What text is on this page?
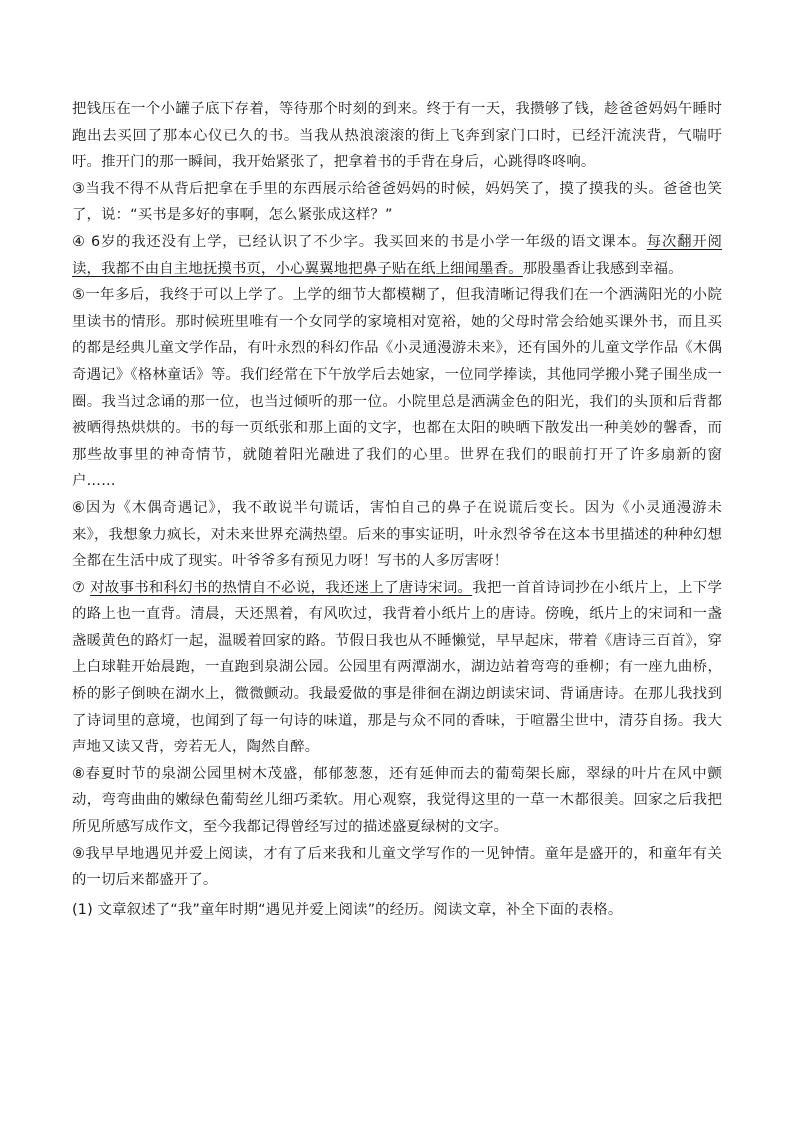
把钱压在一个小罐子底下存着，等待那个时刻的到来。终于有一天，我攒够了钱，趁爸爸妈妈午睡时跑出去买回了那本心仪已久的书。当我从热浪滚滚的街上飞奔到家门口时，已经汗流浃背，气喘吁吁。推开门的那一瞬间，我开始紧张了，把拿着书的手背在身后，心跳得咚咚响。

③当我不得不从背后把拿在手里的东西展示给爸爸妈妈的时候，妈妈笑了，摸了摸我的头。爸爸也笑了，说：“买书是多好的事啊，怎么紧张成这样？”

④ 6岁的我还没有上学，已经认识了不少字。我买回来的书是小学一年级的语文课本。每次翻开阅读，我都不由自主地抚摸书页，小心翼翼地把鼻子贴在纸上细闻墨香。那股墨香让我感到幸福。

⑤一年多后，我终于可以上学了。上学的细节大都模糊了，但我清晰记得我们在一个洒满阳光的小院里读书的情形。那时候班里唯有一个女同学的家境相对宽裕，她的父母时常会给她买课外书，而且买的都是经典儿童文学作品，有叶永烈的科幻作品《小灵通漫游未来》，还有国外的儿童文学作品《木偶奇遇记》《格林童话》等。我们经常在下午放学后去她家，一位同学捧读，其他同学搬小凳子围坐成一圈。我当过念诵的那一位，也当过倾听的那一位。小院里总是洒满金色的阳光，我们的头顶和后背都被晒得热烘烘的。书的每一页纸张和那上面的文字，也都在太阳的映晒下散发出一种美妙的馨香，而那些故事里的神奇情节，就随着阳光融进了我们的心里。世界在我们的眼前打开了许多扇新的窗户……

⑥因为《木偶奇遇记》，我不敢说半句谎话，害怕自己的鼻子在说谎后变长。因为《小灵通漫游未来》，我想象力疯长，对未来世界充满热望。后来的事实证明，叶永烈爷爷在这本书里描述的种种幻想全都在生活中成了现实。叶爷爷多有预见力呀！写书的人多厉害呀！

⑦ 对故事书和科幻书的热情自不必说，我还迷上了唐诗宋词。我把一首首诗词抄在小纸片上，上下学的路上也一直背。清晨，天还黑着，有风吹过，我背着小纸片上的唐诗。傍晚，纸片上的宋词和一盏盏暖黄色的路灯一起，温暖着回家的路。节假日我也从不睡懒觉，早早起床，带着《唐诗三百首》，穿上白球鞋开始晨跑，一直跑到泉湖公园。公园里有两潭湖水，湖边站着弯弯的垂柳；有一座九曲桥，桥的影子倒映在湖水上，微微颤动。我最爱做的事是徘徊在湖边朗读宋词、背诵唐诗。在那儿我找到了诗词里的意境，也闻到了每一句诗的味道，那是与众不同的香味，于喧嚣尘世中，清芬自扬。我大声地又读又背，旁若无人，陶然自醉。

⑧春夏时节的泉湖公园里树木茂盛，郁郁葱葱，还有延伸而去的葡萄架长廊，翠绿的叶片在风中颤动，弯弯曲曲的嫩绿色葡萄丝儿细巧柔软。用心观察，我觉得这里的一草一木都很美。回家之后我把所见所感写成作文，至今我都记得曾经写过的描述盛夏绿树的文字。

⑨我早早地遇见并爱上阅读，才有了后来我和儿童文学写作的一见钟情。童年是盛开的，和童年有关的一切后来都盛开了。

(1) 文章叙述了“我”童年时期“遇见并爱上阅读”的经历。阅读文章，补全下面的表格。
